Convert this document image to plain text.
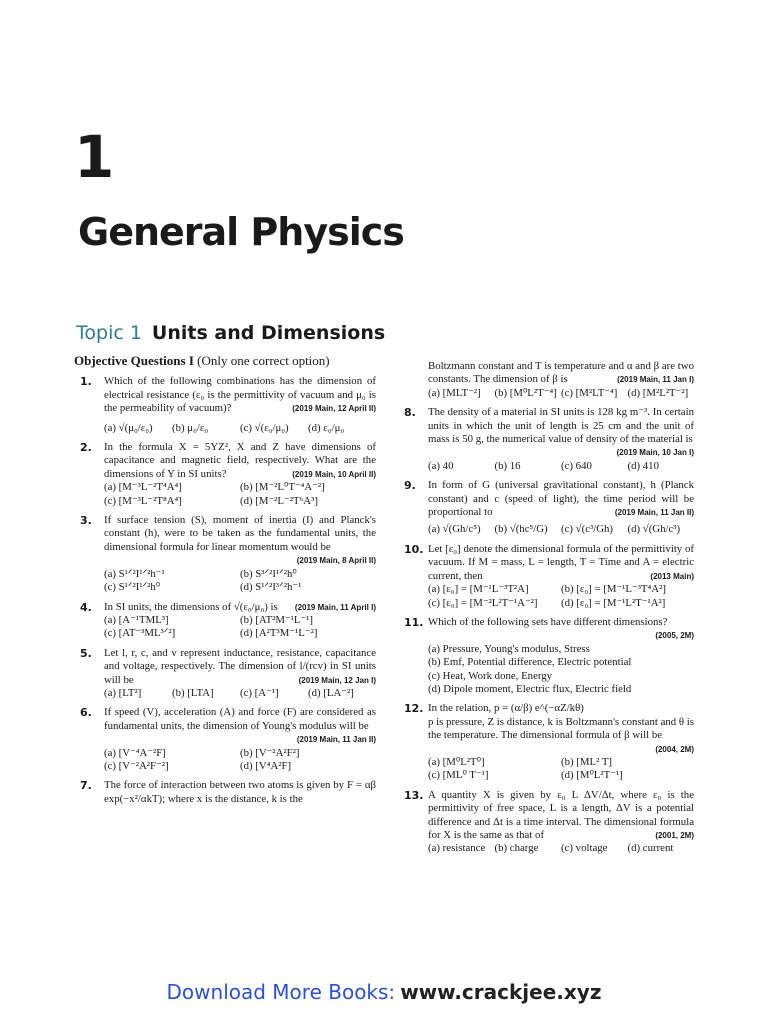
1
General Physics
Topic 1 Units and Dimensions
Objective Questions I (Only one correct option)
1. Which of the following combinations has the dimension of electrical resistance (ε₀ is the permittivity of vacuum and μ₀ is the permeability of vacuum)?	(2019 Main, 12 April II)
(a) √(μ₀/ε₀)	(b) μ₀/ε₀	(c) √(ε₀/μ₀)	(d) ε₀/μ₀
2. In the formula X = 5YZ², X and Z have dimensions of capacitance and magnetic field, respectively. What are the dimensions of Y in SI units?	(2019 Main, 10 April II)
(a) [M⁻³L⁻²T⁴A⁴]	(b) [M⁻²L⁰T⁻⁴A⁻²]
(c) [M⁻³L⁻²T⁸A⁴]	(d) [M⁻²L⁻²T⁶A³]
3. If surface tension (S), moment of inertia (I) and Planck's constant (h), were to be taken as the fundamental units, the dimensional formula for linear momentum would be
(2019 Main, 8 April II)
(a) S¹ᐟ²I¹ᐟ²h⁻¹	(b) S³ᐟ²I¹ᐟ²h⁰
(c) S¹ᐟ²I¹ᐟ²h⁰	(d) S¹ᐟ²I³ᐟ²h⁻¹
4. In SI units, the dimensions of √(ε₀/μ₀) is (2019 Main, 11 April I)
(a) [A⁻¹TML³]	(b) [AT²M⁻¹L⁻¹]
(c) [AT⁻³ML³ᐟ²]	(d) [A²T³M⁻¹L⁻²]
5. Let l, r, c, and v represent inductance, resistance, capacitance and voltage, respectively. The dimension of l/(rcv) in SI units will be	(2019 Main, 12 Jan I)
(a) [LT²]	(b) [LTA]	(c) [A⁻¹]	(d) [LA⁻²]
6. If speed (V), acceleration (A) and force (F) are considered as fundamental units, the dimension of Young's modulus will be
(2019 Main, 11 Jan II)
(a) [V⁻⁴A⁻²F]	(b) [V⁻²A²F²]
(c) [V⁻²A²F⁻²]	(d) [V⁴A²F]
7. The force of interaction between two atoms is given by F = αβ exp(−x²/αkT); where x is the distance, k is the
Boltzmann constant and T is temperature and α and β are two constants. The dimension of β is	(2019 Main, 11 Jan I)
(a) [MLT⁻²]	(b) [M⁰L²T⁻⁴] (c) [M²LT⁻⁴] (d) [M²L²T⁻²]
8. The density of a material in SI units is 128 kg m⁻³. In certain units in which the unit of length is 25 cm and the unit of mass is 50 g, the numerical value of density of the material is
(2019 Main, 10 Jan I)
(a) 40	(b) 16	(c) 640	(d) 410
9. In form of G (universal gravitational constant), h (Planck constant) and c (speed of light), the time period will be proportional to	(2019 Main, 11 Jan II)
(a) √(Gh/c⁵)	(b) √(hc⁵/G)	(c) √(c³/Gh)	(d) √(Gh/c³)
10. Let [ε₀] denote the dimensional formula of the permittivity of vacuum. If M = mass, L = length, T = Time and A = electric current, then	(2013 Main)
(a) [ε₀] = [M⁻¹L⁻³T²A]	(b) [ε₀] = [M⁻¹L⁻³T⁴A²]
(c) [ε₀] = [M⁻²L²T⁻¹A⁻²]	(d) [ε₀] = [M⁻¹L²T⁻¹A²]
11. Which of the following sets have different dimensions?
(2005, 2M)
(a) Pressure, Young's modulus, Stress
(b) Emf, Potential difference, Electric potential
(c) Heat, Work done, Energy
(d) Dipole moment, Electric flux, Electric field
12. In the relation, p = (α/β) e^(−αZ/kθ)
p is pressure, Z is distance, k is Boltzmann's constant and θ is the temperature. The dimensional formula of β will be
(2004, 2M)
(a) [M⁰L²T⁰]	(b) [ML² T]
(c) [ML⁰ T⁻¹]	(d) [M⁰L²T⁻¹]
13. A quantity X is given by ε₀ L ΔV/Δt, where ε₀ is the permittivity of free space, L is a length, ΔV is a potential difference and Δt is a time interval. The dimensional formula for X is the same as that of	(2001, 2M)
(a) resistance (b) charge	(c) voltage	(d) current
Download More Books: www.crackjee.xyz
